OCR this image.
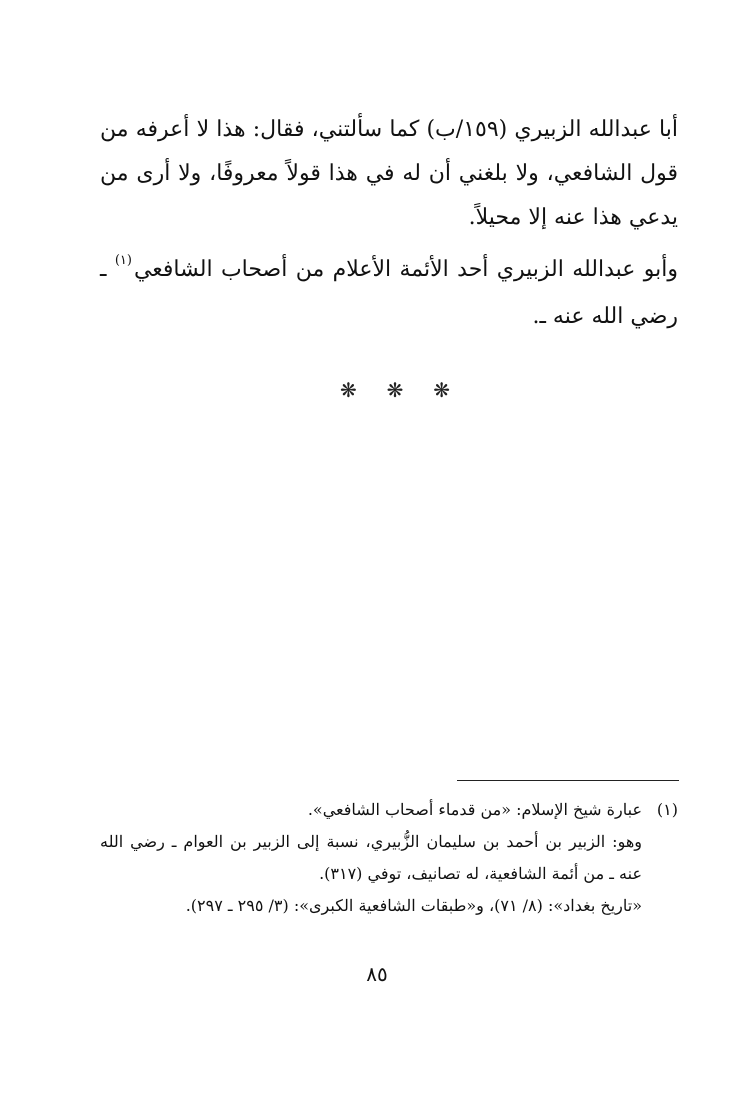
أبا عبدالله الزبيري (١٥٩/ب) كما سألتني، فقال: هذا لا أعرفه من قول الشافعي، ولا بلغني أن له في هذا قولاً معروفًا، ولا أرى من يدعي هذا عنه إلا محيلاً.

وأبو عبدالله الزبيري أحد الأئمة الأعلام من أصحاب الشافعي$^{(١)}$ ـ رضي الله عنه ـ.

❋ ❋ ❋
(١)
عبارة شيخ الإسلام: «من قدماء أصحاب الشافعي».
وهو: الزبير بن أحمد بن سليمان الزُّبيري، نسبة إلى الزبير بن العوام ـ رضي الله عنه ـ من أئمة الشافعية، له تصانيف، توفي (٣١٧).
«تاريخ بغداد»: (٨/ ٧١)، و«طبقات الشافعية الكبرى»: (٣/ ٢٩٥ ـ ٢٩٧).
٨٥
